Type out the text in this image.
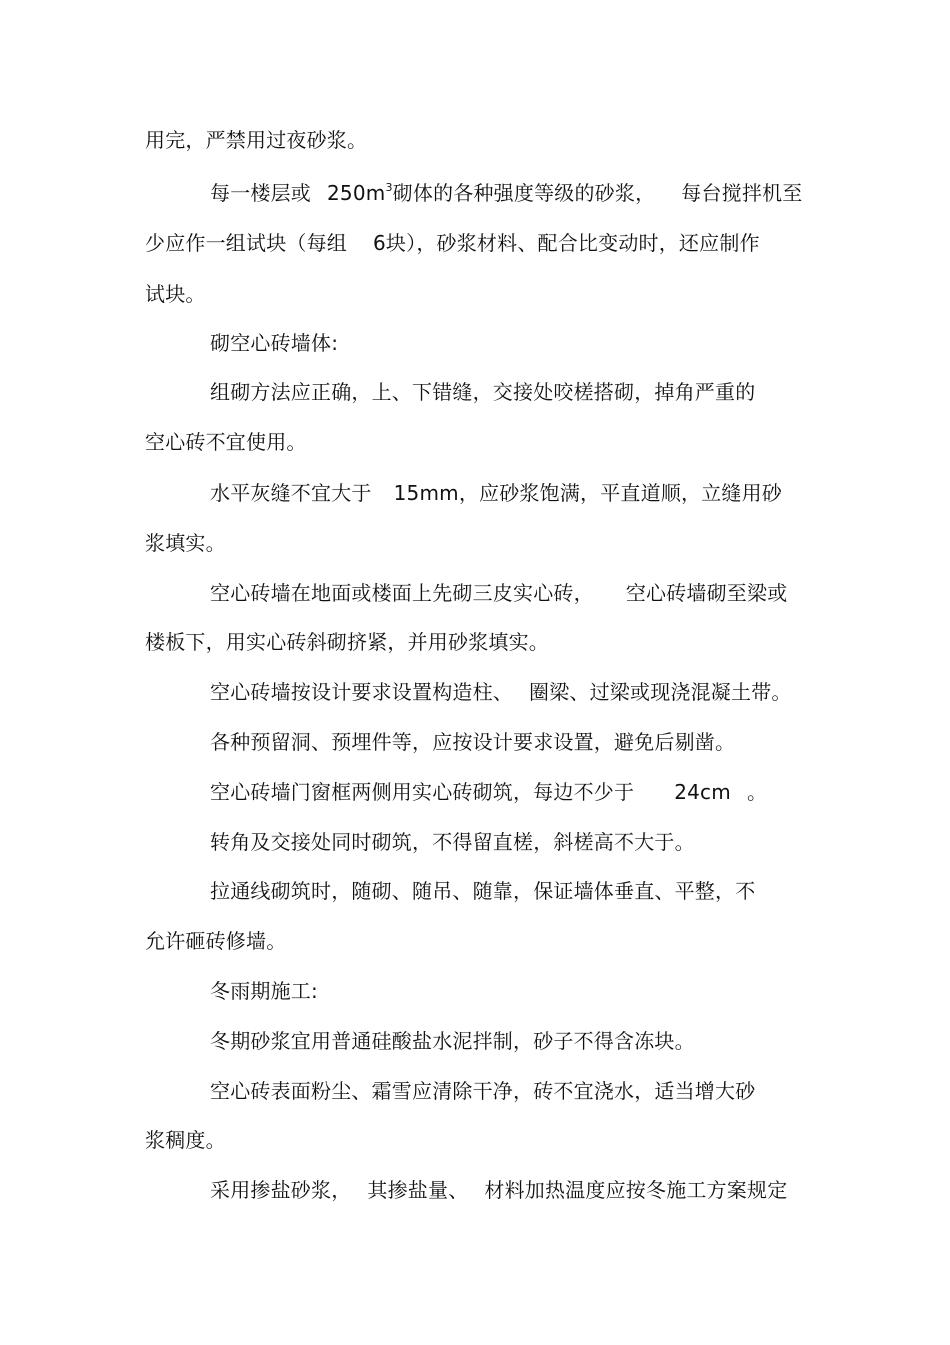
用完，严禁用过夜砂浆。
每一楼层或 $250m^3$砌体的各种强度等级的砂浆， 每台搅拌机至
少应作一组试块（每组 6块），砂浆材料、配合比变动时，还应制作
试块。
砌空心砖墙体:
组砌方法应正确，上、下错缝，交接处咬槎搭砌，掉角严重的
空心砖不宜使用。
水平灰缝不宜大于 15mm，应砂浆饱满，平直道顺，立缝用砂
浆填实。
空心砖墙在地面或楼面上先砌三皮实心砖， 空心砖墙砌至梁或
楼板下，用实心砖斜砌挤紧，并用砂浆填实。
空心砖墙按设计要求设置构造柱、 圈梁、过梁或现浇混凝土带。
各种预留洞、预埋件等，应按设计要求设置，避免后剔凿。
空心砖墙门窗框两侧用实心砖砌筑，每边不少于 24cm 。
转角及交接处同时砌筑，不得留直槎，斜槎高不大于。
拉通线砌筑时，随砌、随吊、随靠，保证墙体垂直、平整，不
允许砸砖修墙。
冬雨期施工:
冬期砂浆宜用普通硅酸盐水泥拌制，砂子不得含冻块。
空心砖表面粉尘、霜雪应清除干净，砖不宜浇水，适当增大砂
浆稠度。
采用掺盐砂浆， 其掺盐量、 材料加热温度应按冬施工方案规定
